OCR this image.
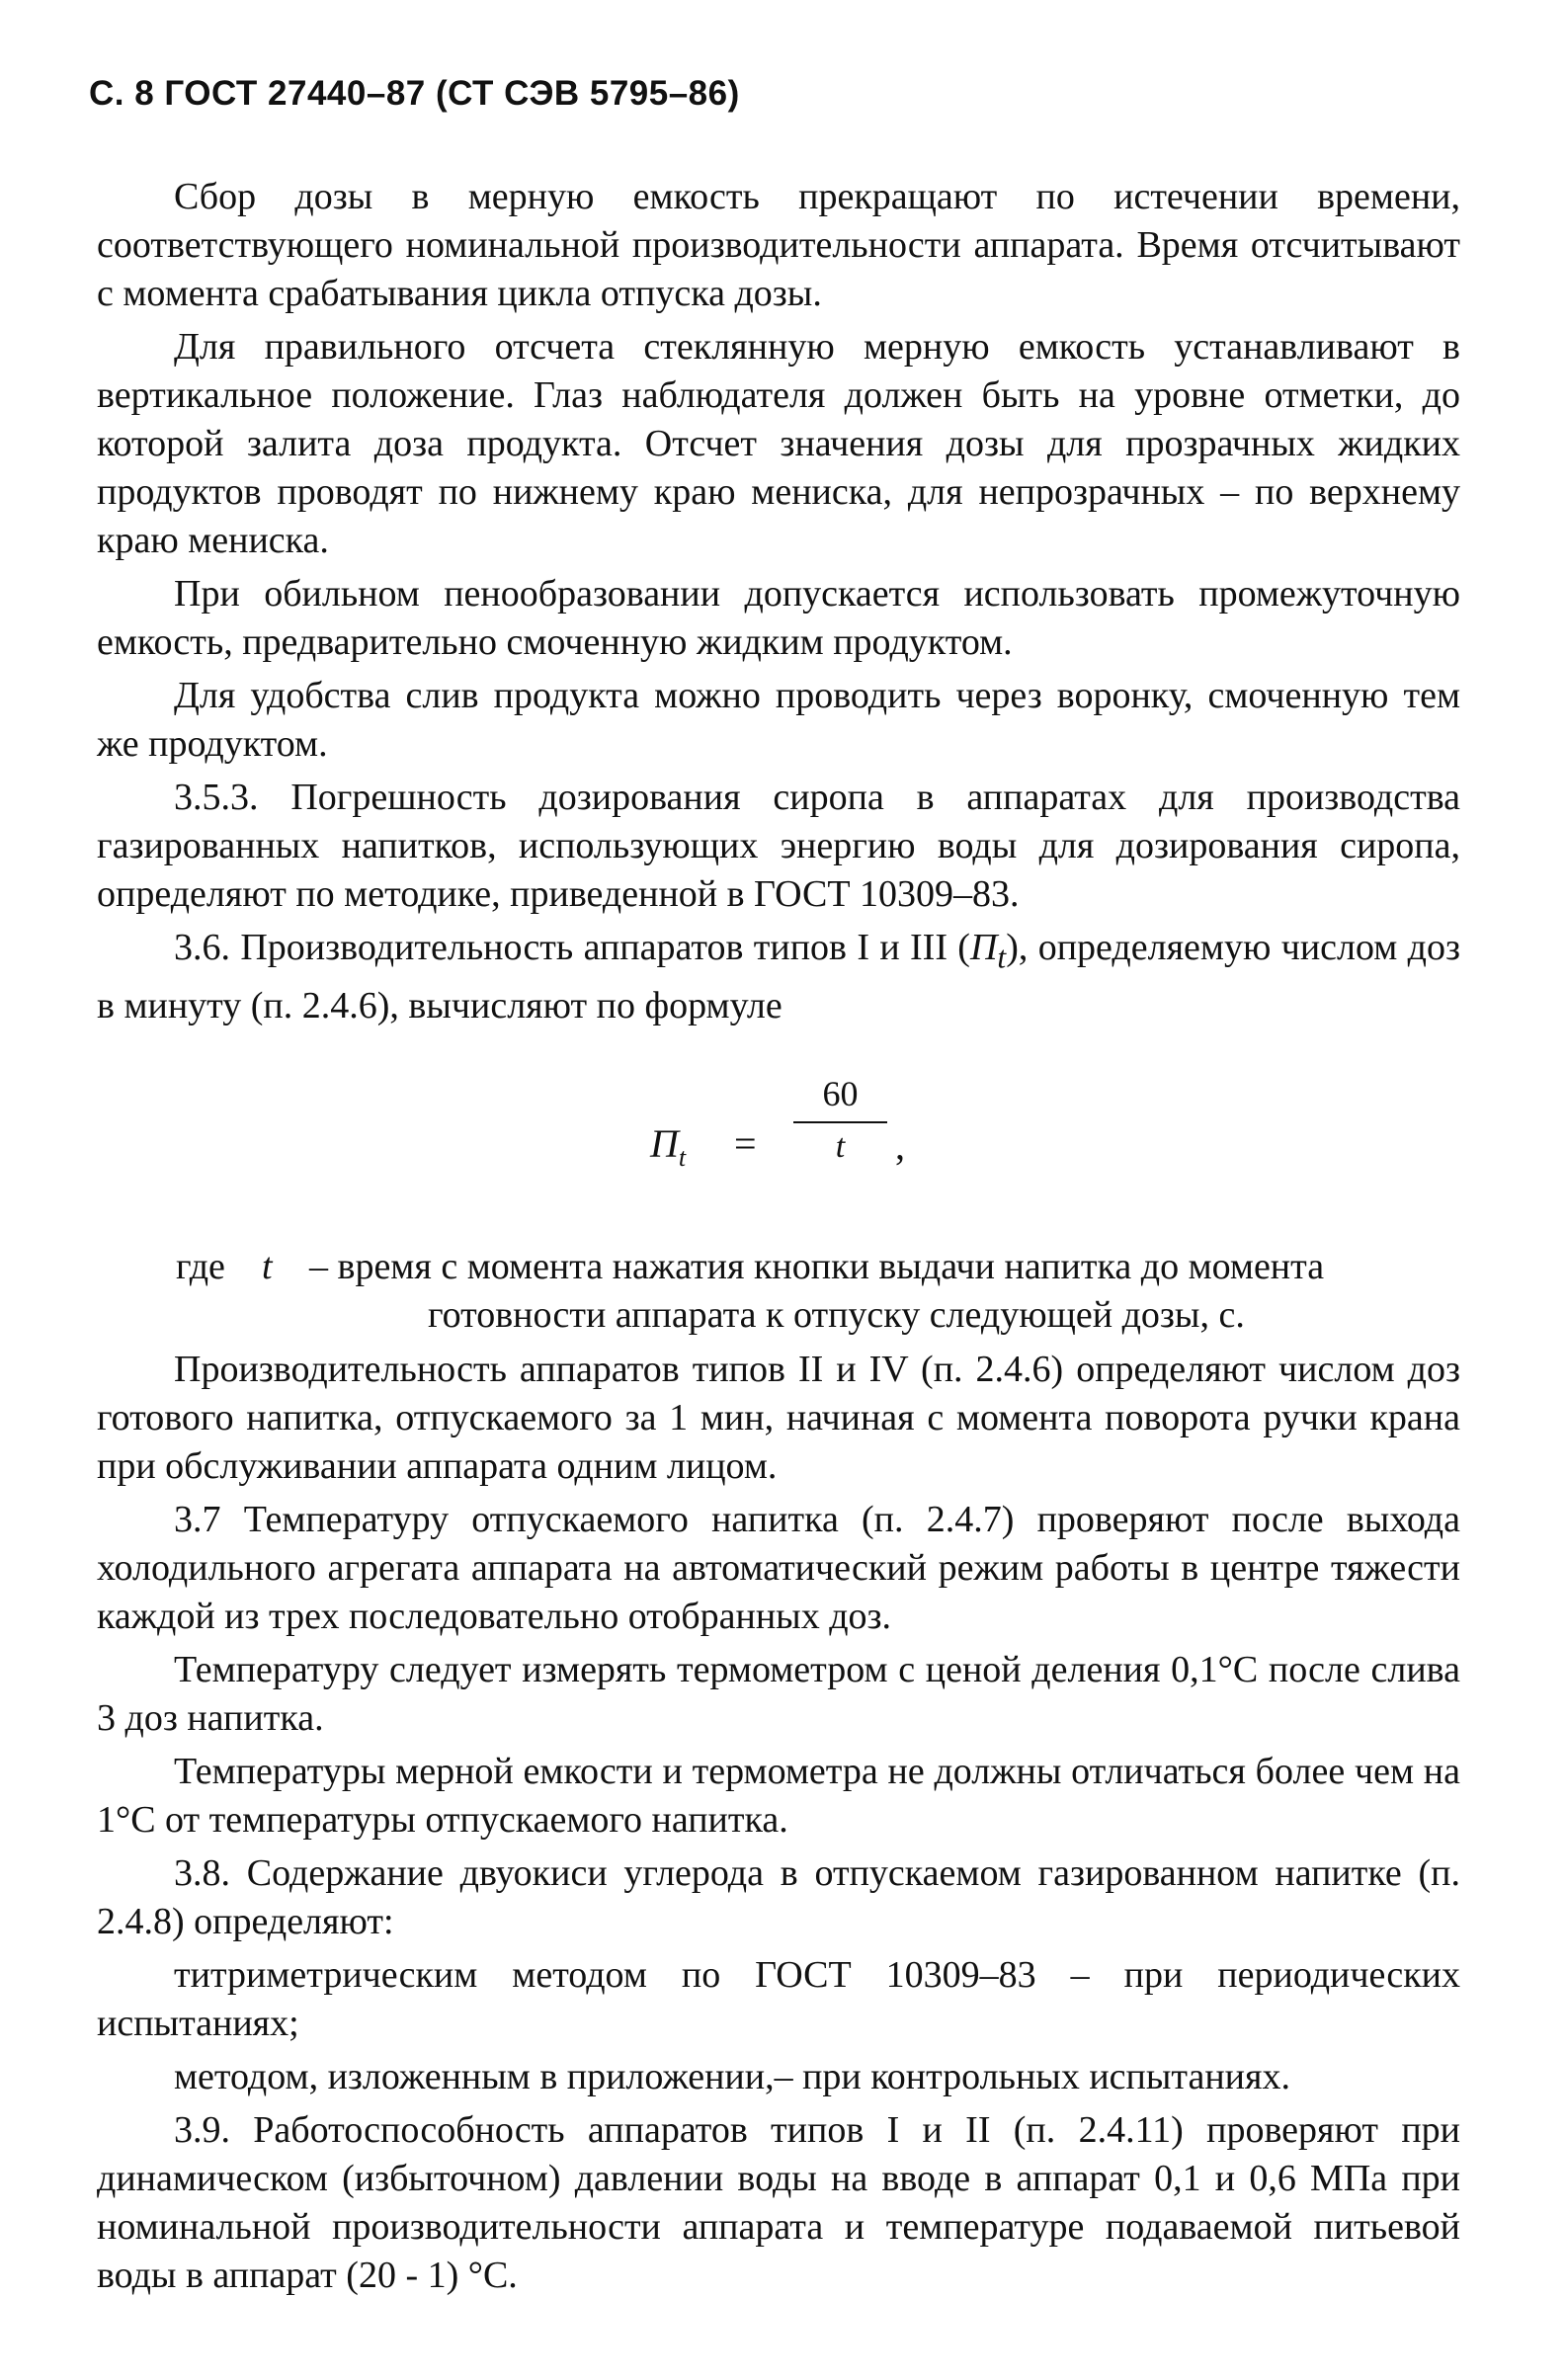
С. 8 ГОСТ 27440–87 (СТ СЭВ 5795–86)

Сбор дозы в мерную емкость прекращают по истечении времени, соответствующего номинальной производительности аппарата. Время отсчитывают с момента срабатывания цикла отпуска дозы.

Для правильного отсчета стеклянную мерную емкость устанавливают в вертикальное положение. Глаз наблюдателя должен быть на уровне отметки, до которой залита доза продукта. Отсчет значения дозы для прозрачных жидких продуктов проводят по нижнему краю мениска, для непрозрачных – по верхнему краю мениска.

При обильном пенообразовании допускается использовать промежуточную емкость, предварительно смоченную жидким продуктом.

Для удобства слив продукта можно проводить через воронку, смоченную тем же продуктом.

3.5.3. Погрешность дозирования сиропа в аппаратах для производства газированных напитков, использующих энергию воды для дозирования сиропа, определяют по методике, приведенной в ГОСТ 10309–83.

3.6. Производительность аппаратов типов I и III $(П_t)$, определяемую числом доз в минуту (п. 2.4.6), вычисляют по формуле

$П_t$ =
60
t	,
где t – время с момента нажатия кнопки выдачи напитка до момента
готовности аппарата к отпуску следующей дозы, с.

Производительность аппаратов типов II и IV (п. 2.4.6) определяют числом доз готового напитка, отпускаемого за 1 мин, начиная с момента поворота ручки крана при обслуживании аппарата одним лицом.

3.7 Температуру отпускаемого напитка (п. 2.4.7) проверяют после выхода холодильного агрегата аппарата на автоматический режим работы в центре тяжести каждой из трех последовательно отобранных доз.

Температуру следует измерять термометром с ценой деления 0,1°С после слива 3 доз напитка.

Температуры мерной емкости и термометра не должны отличаться более чем на 1°С от температуры отпускаемого напитка.

3.8. Содержание двуокиси углерода в отпускаемом газированном напитке (п. 2.4.8) определяют:

титриметрическим методом по ГОСТ 10309–83 – при периодических испытаниях;

методом, изложенным в приложении,– при контрольных испытаниях.

3.9. Работоспособность аппаратов типов I и II (п. 2.4.11) проверяют при динамическом (избыточном) давлении воды на вводе в аппарат 0,1 и 0,6 МПа при номинальной производительности аппарата и температуре подаваемой питьевой воды в аппарат (20 - 1) °С.
